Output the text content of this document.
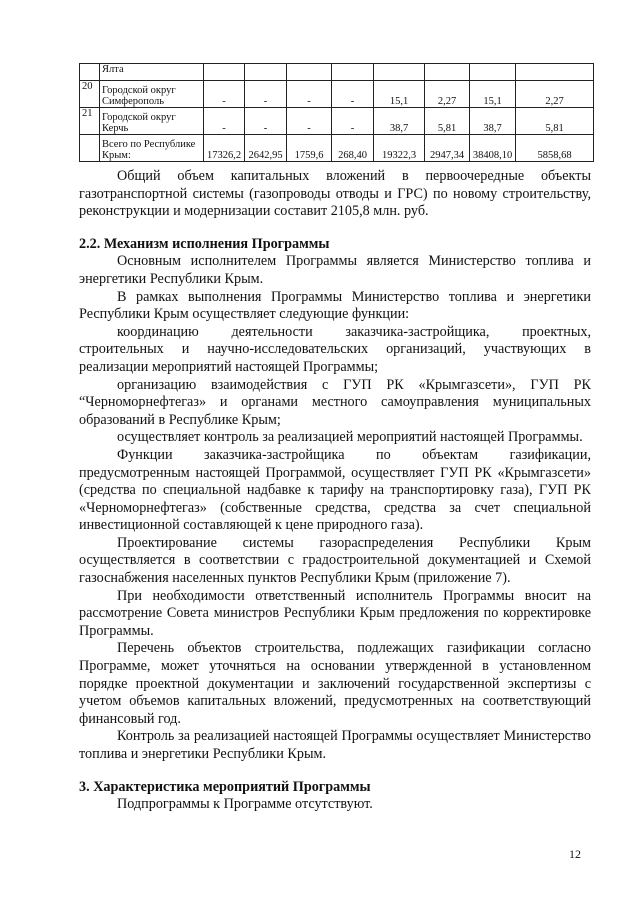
	Ялта								
20	Городской округ Симферополь	-	-	-	-	15,1	2,27	15,1	2,27
21	Городской округ Керчь	-	-	-	-	38,7	5,81	38,7	5,81
	Всего по Республике Крым:	17326,2	2642,95	1759,6	268,40	19322,3	2947,34	38408,10	5858,68

Общий объем капитальных вложений в первоочередные объекты газотранспортной системы (газопроводы отводы и ГРС) по новому строительству, реконструкции и модернизации составит 2105,8 млн. руб.

2.2. Механизм исполнения Программы

Основным исполнителем Программы является Министерство топлива и энергетики Республики Крым.

В рамках выполнения Программы Министерство топлива и энергетики Республики Крым осуществляет следующие функции:

координацию деятельности заказчика-застройщика, проектных, строительных и научно-исследовательских организаций, участвующих в реализации мероприятий настоящей Программы;

организацию взаимодействия с ГУП РК «Крымгазсети», ГУП РК “Черноморнефтегаз» и органами местного самоуправления муниципальных образований в Республике Крым;

осуществляет контроль за реализацией мероприятий настоящей Программы.

Функции заказчика-застройщика по объектам газификации, предусмотренным настоящей Программой, осуществляет ГУП РК «Крымгазсети» (средства по специальной надбавке к тарифу на транспортировку газа), ГУП РК «Черноморнефтегаз» (собственные средства, средства за счет специальной инвестиционной составляющей к цене природного газа).

Проектирование системы газораспределения Республики Крым осуществляется в соответствии с градостроительной документацией и Схемой газоснабжения населенных пунктов Республики Крым (приложение 7).

При необходимости ответственный исполнитель Программы вносит на рассмотрение Совета министров Республики Крым предложения по корректировке Программы.

Перечень объектов строительства, подлежащих газификации согласно Программе, может уточняться на основании утвержденной в установленном порядке проектной документации и заключений государственной экспертизы с учетом объемов капитальных вложений, предусмотренных на соответствующий финансовый год.

Контроль за реализацией настоящей Программы осуществляет Министерство топлива и энергетики Республики Крым.

3. Характеристика мероприятий Программы

Подпрограммы к Программе отсутствуют.

12
